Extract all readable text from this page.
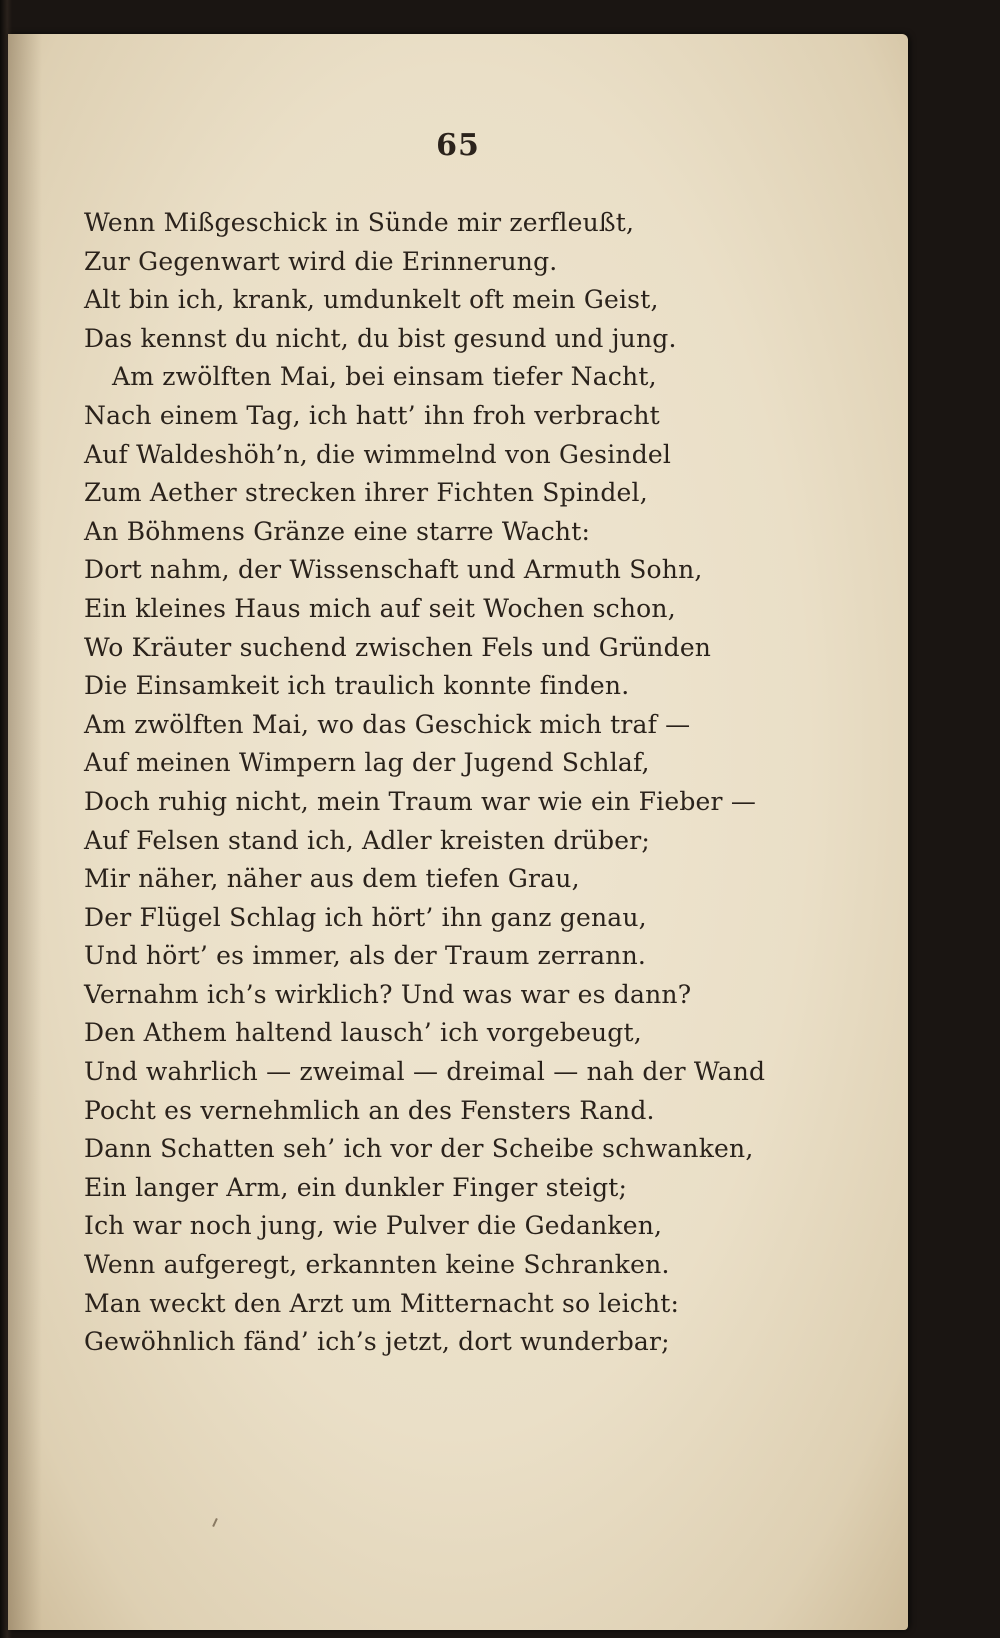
65
Wenn Mißgeschick in Sünde mir zerfleußt,
Zur Gegenwart wird die Erinnerung.
Alt bin ich, krank, umdunkelt oft mein Geist,
Das kennst du nicht, du bist gesund und jung.
Am zwölften Mai, bei einsam tiefer Nacht,
Nach einem Tag, ich hatt’ ihn froh verbracht
Auf Waldeshöh’n, die wimmelnd von Gesindel
Zum Aether strecken ihrer Fichten Spindel,
An Böhmens Gränze eine starre Wacht:
Dort nahm, der Wissenschaft und Armuth Sohn,
Ein kleines Haus mich auf seit Wochen schon,
Wo Kräuter suchend zwischen Fels und Gründen
Die Einsamkeit ich traulich konnte finden.
Am zwölften Mai, wo das Geschick mich traf —
Auf meinen Wimpern lag der Jugend Schlaf,
Doch ruhig nicht, mein Traum war wie ein Fieber —
Auf Felsen stand ich, Adler kreisten drüber;
Mir näher, näher aus dem tiefen Grau,
Der Flügel Schlag ich hört’ ihn ganz genau,
Und hört’ es immer, als der Traum zerrann.
Vernahm ich’s wirklich? Und was war es dann?
Den Athem haltend lausch’ ich vorgebeugt,
Und wahrlich — zweimal — dreimal — nah der Wand
Pocht es vernehmlich an des Fensters Rand.
Dann Schatten seh’ ich vor der Scheibe schwanken,
Ein langer Arm, ein dunkler Finger steigt;
Ich war noch jung, wie Pulver die Gedanken,
Wenn aufgeregt, erkannten keine Schranken.
Man weckt den Arzt um Mitternacht so leicht:
Gewöhnlich fänd’ ich’s jetzt, dort wunderbar;
